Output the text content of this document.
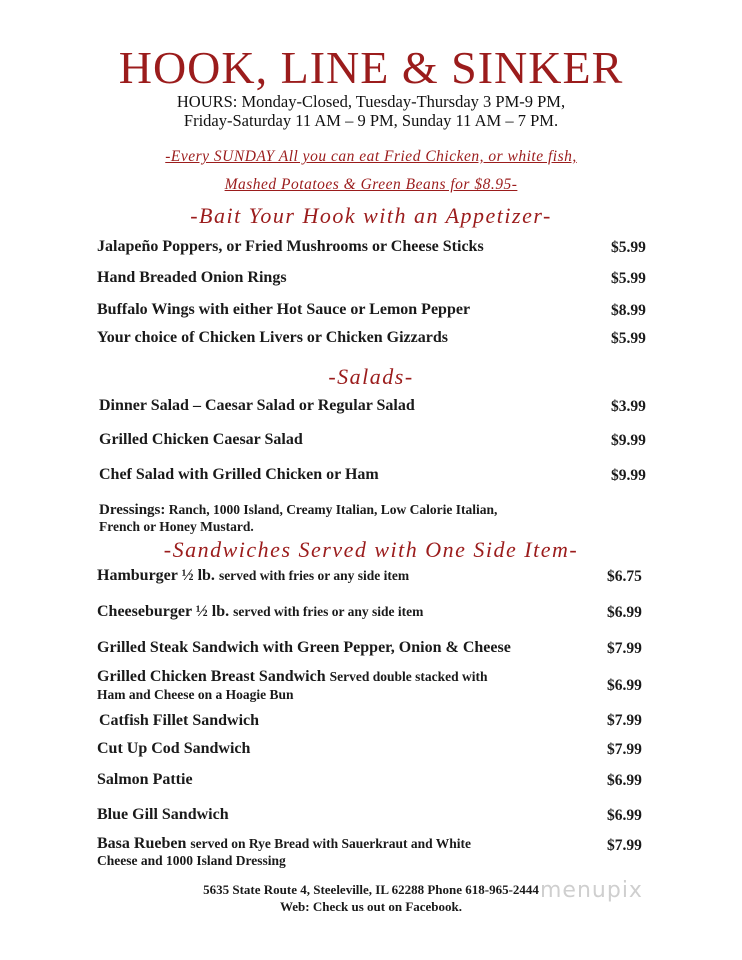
HOOK, LINE & SINKER
HOURS: Monday-Closed, Tuesday-Thursday 3 PM-9 PM,
Friday-Saturday 11 AM – 9 PM, Sunday 11 AM – 7 PM.
-Every SUNDAY All you can eat Fried Chicken, or white fish,
Mashed Potatoes & Green Beans for $8.95-
-Bait Your Hook with an Appetizer-
Jalapeño Poppers, or Fried Mushrooms or Cheese Sticks	$5.99
Hand Breaded Onion Rings	$5.99
Buffalo Wings with either Hot Sauce or Lemon Pepper	$8.99
Your choice of Chicken Livers or Chicken Gizzards	$5.99
-Salads-
Dinner Salad – Caesar Salad or Regular Salad	$3.99
Grilled Chicken Caesar Salad	$9.99
Chef Salad with Grilled Chicken or Ham	$9.99
Dressings: Ranch, 1000 Island, Creamy Italian, Low Calorie Italian,
French or Honey Mustard.
-Sandwiches Served with One Side Item-
Hamburger ½ lb. served with fries or any side item	$6.75
Cheeseburger ½ lb. served with fries or any side item	$6.99
Grilled Steak Sandwich with Green Pepper, Onion & Cheese	$7.99
Grilled Chicken Breast Sandwich Served double stacked with
Ham and Cheese on a Hoagie Bun
$6.99
Catfish Fillet Sandwich	$7.99
Cut Up Cod Sandwich	$7.99
Salmon Pattie	$6.99
Blue Gill Sandwich	$6.99
Basa Rueben served on Rye Bread with Sauerkraut and White
Cheese and 1000 Island Dressing
$7.99
5635 State Route 4, Steeleville, IL 62288 Phone 618-965-2444
Web: Check us out on Facebook.
menupix
